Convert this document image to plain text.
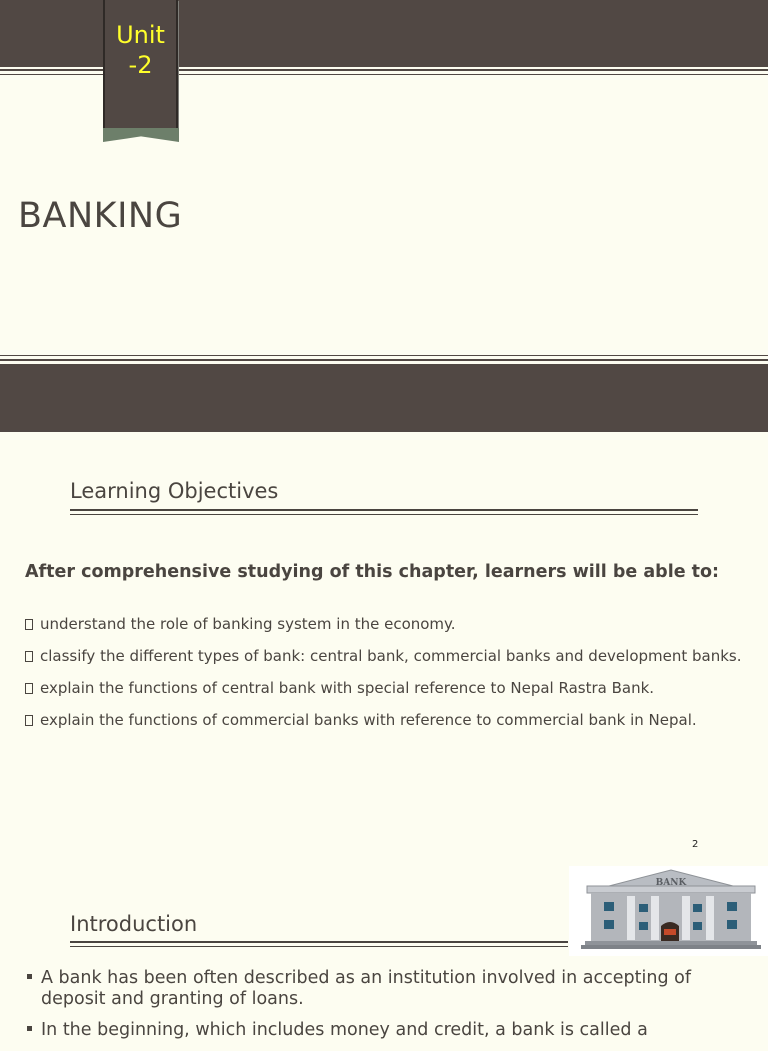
Unit
-2
BANKING
Learning Objectives
After comprehensive studying of this chapter, learners will be able to:
understand the role of banking system in the economy.
classify the different types of bank: central bank, commercial banks and development banks.
explain the functions of central bank with special reference to Nepal Rastra Bank.
explain the functions of commercial banks with reference to commercial bank in Nepal.
2
BANK
Introduction
A bank has been often described as an institution involved in accepting of deposit and granting of loans.
In the beginning, which includes money and credit, a bank is called a
